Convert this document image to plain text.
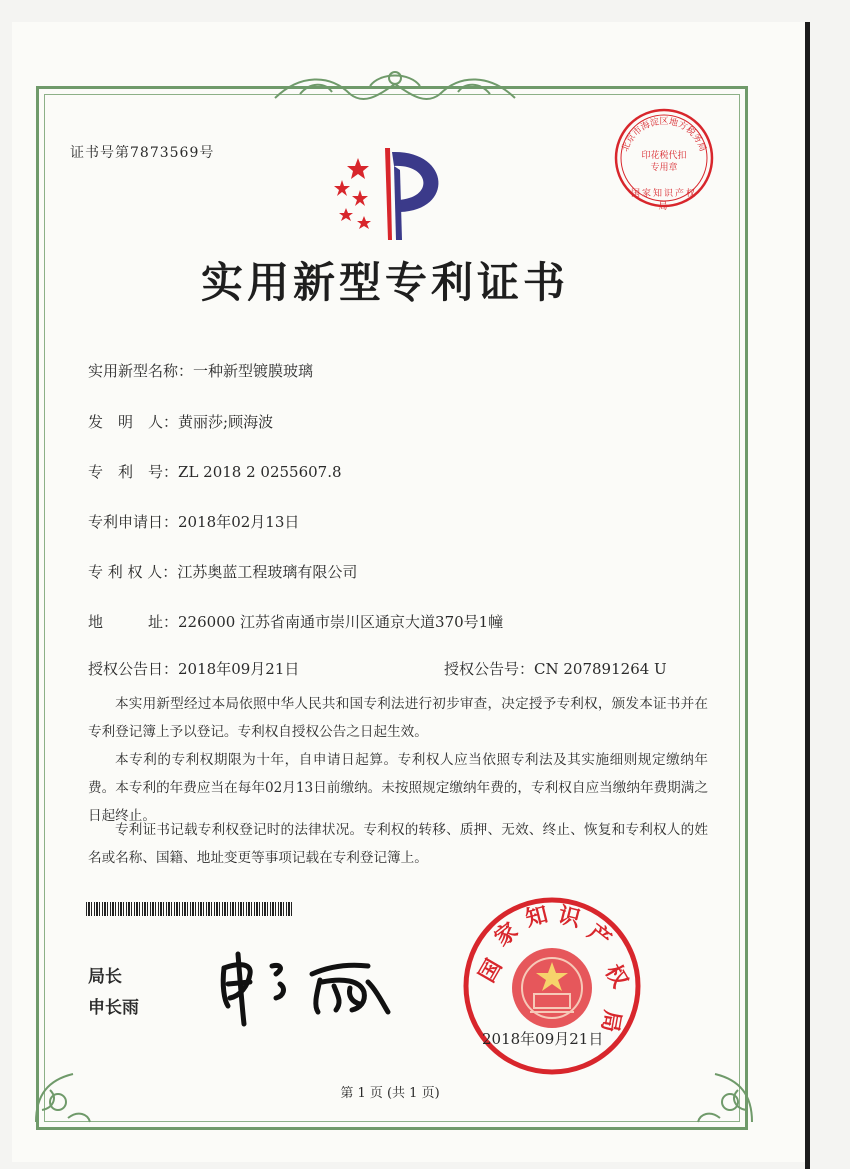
证书号第7873569号	北京市海淀区地方税务局
印花税代扣专用章
国家知识产权局
实用新型专利证书
实用新型名称：一种新型镀膜玻璃
发　明　人：黄丽莎;顾海波
专　利　号：ZL 2018 2 0255607.8
专利申请日：2018年02月13日
专 利 权 人：江苏奥蓝工程玻璃有限公司
地　　　址：226000 江苏省南通市崇川区通京大道370号1幢
授权公告日：2018年09月21日	授权公告号：CN 207891264 U
本实用新型经过本局依照中华人民共和国专利法进行初步审查，决定授予专利权，颁发本证书并在专利登记簿上予以登记。专利权自授权公告之日起生效。
本专利的专利权期限为十年，自申请日起算。专利权人应当依照专利法及其实施细则规定缴纳年费。本专利的年费应当在每年02月13日前缴纳。未按照规定缴纳年费的，专利权自应当缴纳年费期满之日起终止。
专利证书记载专利权登记时的法律状况。专利权的转移、质押、无效、终止、恢复和专利权人的姓名或名称、国籍、地址变更等事项记载在专利登记簿上。
局长
申长雨
国
家
知 识
产
权
局
2018年09月21日
第 1 页 (共 1 页)
